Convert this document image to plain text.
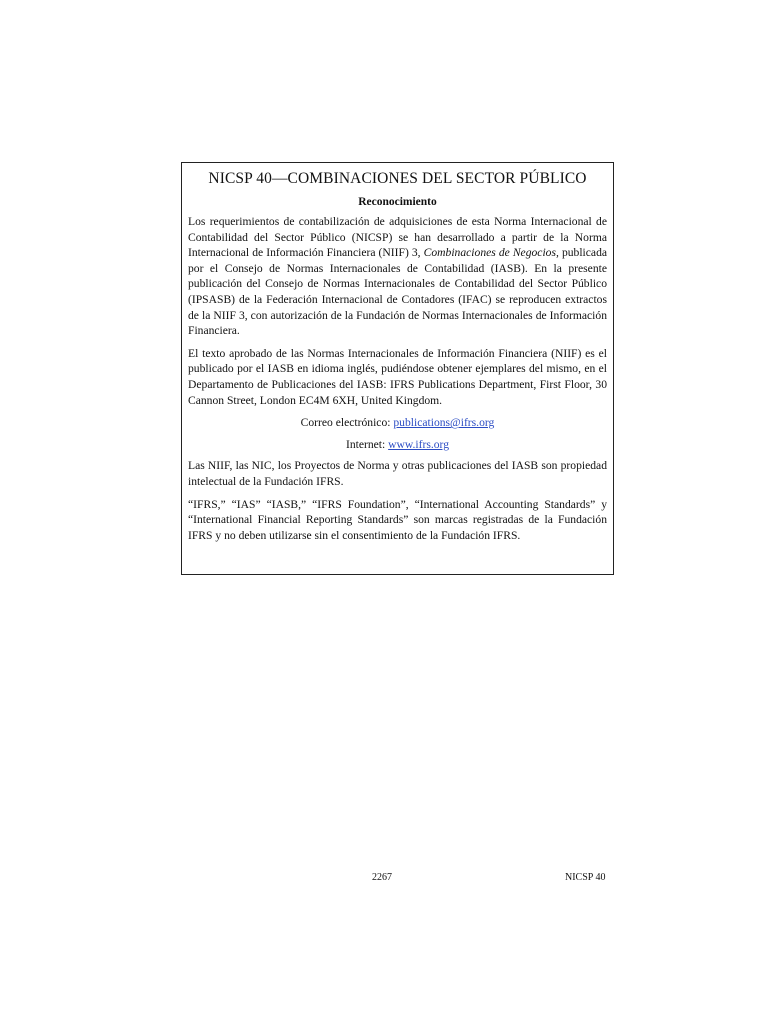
NICSP 40—COMBINACIONES DEL SECTOR PÚBLICO
Reconocimiento

Los requerimientos de contabilización de adquisiciones de esta Norma Internacional de Contabilidad del Sector Público (NICSP) se han desarrollado a partir de la Norma Internacional de Información Financiera (NIIF) 3, Combinaciones de Negocios, publicada por el Consejo de Normas Internacionales de Contabilidad (IASB). En la presente publicación del Consejo de Normas Internacionales de Contabilidad del Sector Público (IPSASB) de la Federación Internacional de Contadores (IFAC) se reproducen extractos de la NIIF 3, con autorización de la Fundación de Normas Internacionales de Información Financiera.

El texto aprobado de las Normas Internacionales de Información Financiera (NIIF) es el publicado por el IASB en idioma inglés, pudiéndose obtener ejemplares del mismo, en el Departamento de Publicaciones del IASB: IFRS Publications Department, First Floor, 30 Cannon Street, London EC4M 6XH, United Kingdom.

Correo electrónico: publications@ifrs.org

Internet: www.ifrs.org

Las NIIF, las NIC, los Proyectos de Norma y otras publicaciones del IASB son propiedad intelectual de la Fundación IFRS.

“IFRS,” “IAS” “IASB,” “IFRS Foundation”, “International Accounting Standards” y “International Financial Reporting Standards” son marcas registradas de la Fundación IFRS y no deben utilizarse sin el consentimiento de la Fundación IFRS.

2267	NICSP 40
